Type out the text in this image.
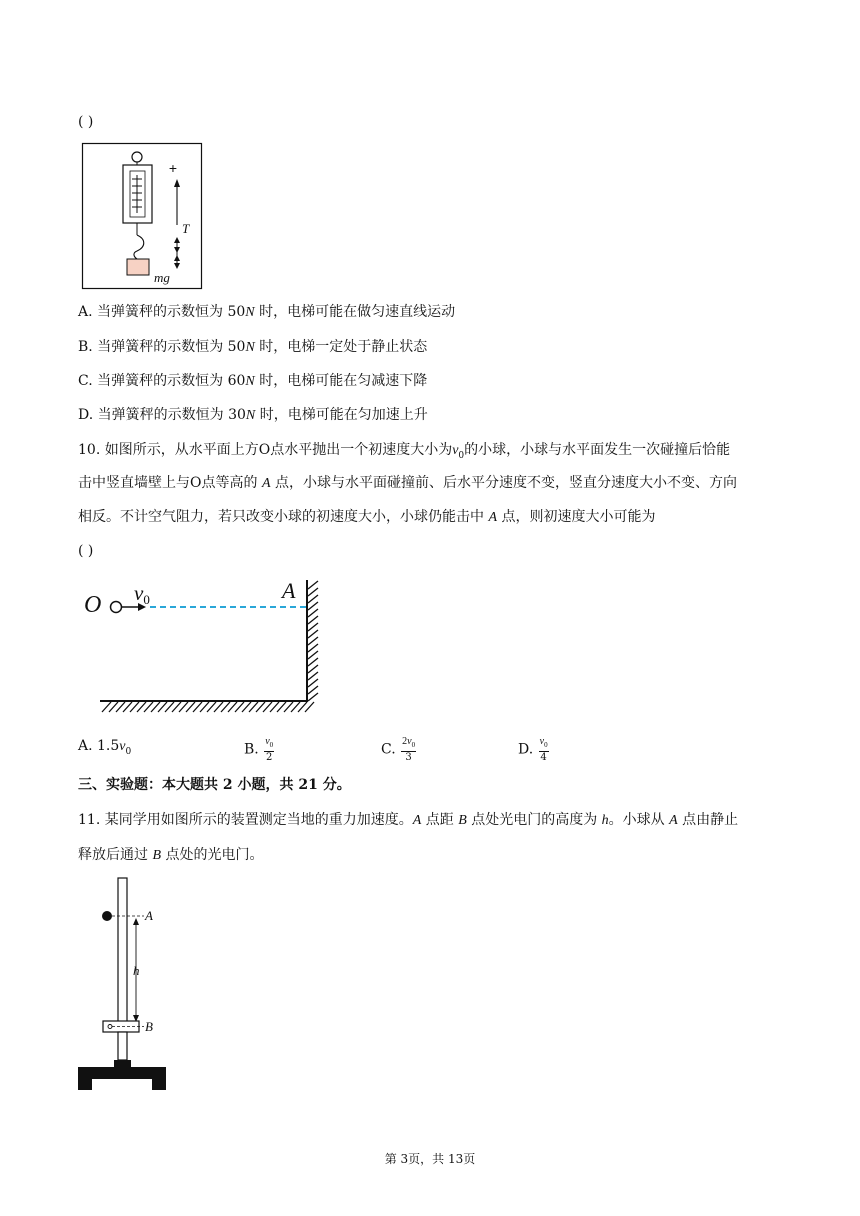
( )
+
T
mg
A. 当弹簧秤的示数恒为 50N 时，电梯可能在做匀速直线运动
B. 当弹簧秤的示数恒为 50N 时，电梯一定处于静止状态
C. 当弹簧秤的示数恒为 60N 时，电梯可能在匀减速下降
D. 当弹簧秤的示数恒为 30N 时，电梯可能在匀加速上升
10. 如图所示，从水平面上方O点水平抛出一个初速度大小为$v_0$的小球，小球与水平面发生一次碰撞后恰能
击中竖直墙壁上与O点等高的 A 点，小球与水平面碰撞前、后水平分速度不变，竖直分速度大小不变、方向
相反。不计空气阻力，若只改变小球的初速度大小，小球仍能击中 A 点，则初速度大小可能为
( )
O v0	A
A. $1.5v_0$	B. $\frac{v_0}{2}$	C. $\frac{2v_0}{3}$	D. $\frac{v_0}{4}$
三、实验题：本大题共 2 小题，共 21 分。
11. 某同学用如图所示的装置测定当地的重力加速度。A 点距 B 点处光电门的高度为 h。小球从 A 点由静止
释放后通过 B 点处的光电门。
A
h
B
第 3页，共 13页
